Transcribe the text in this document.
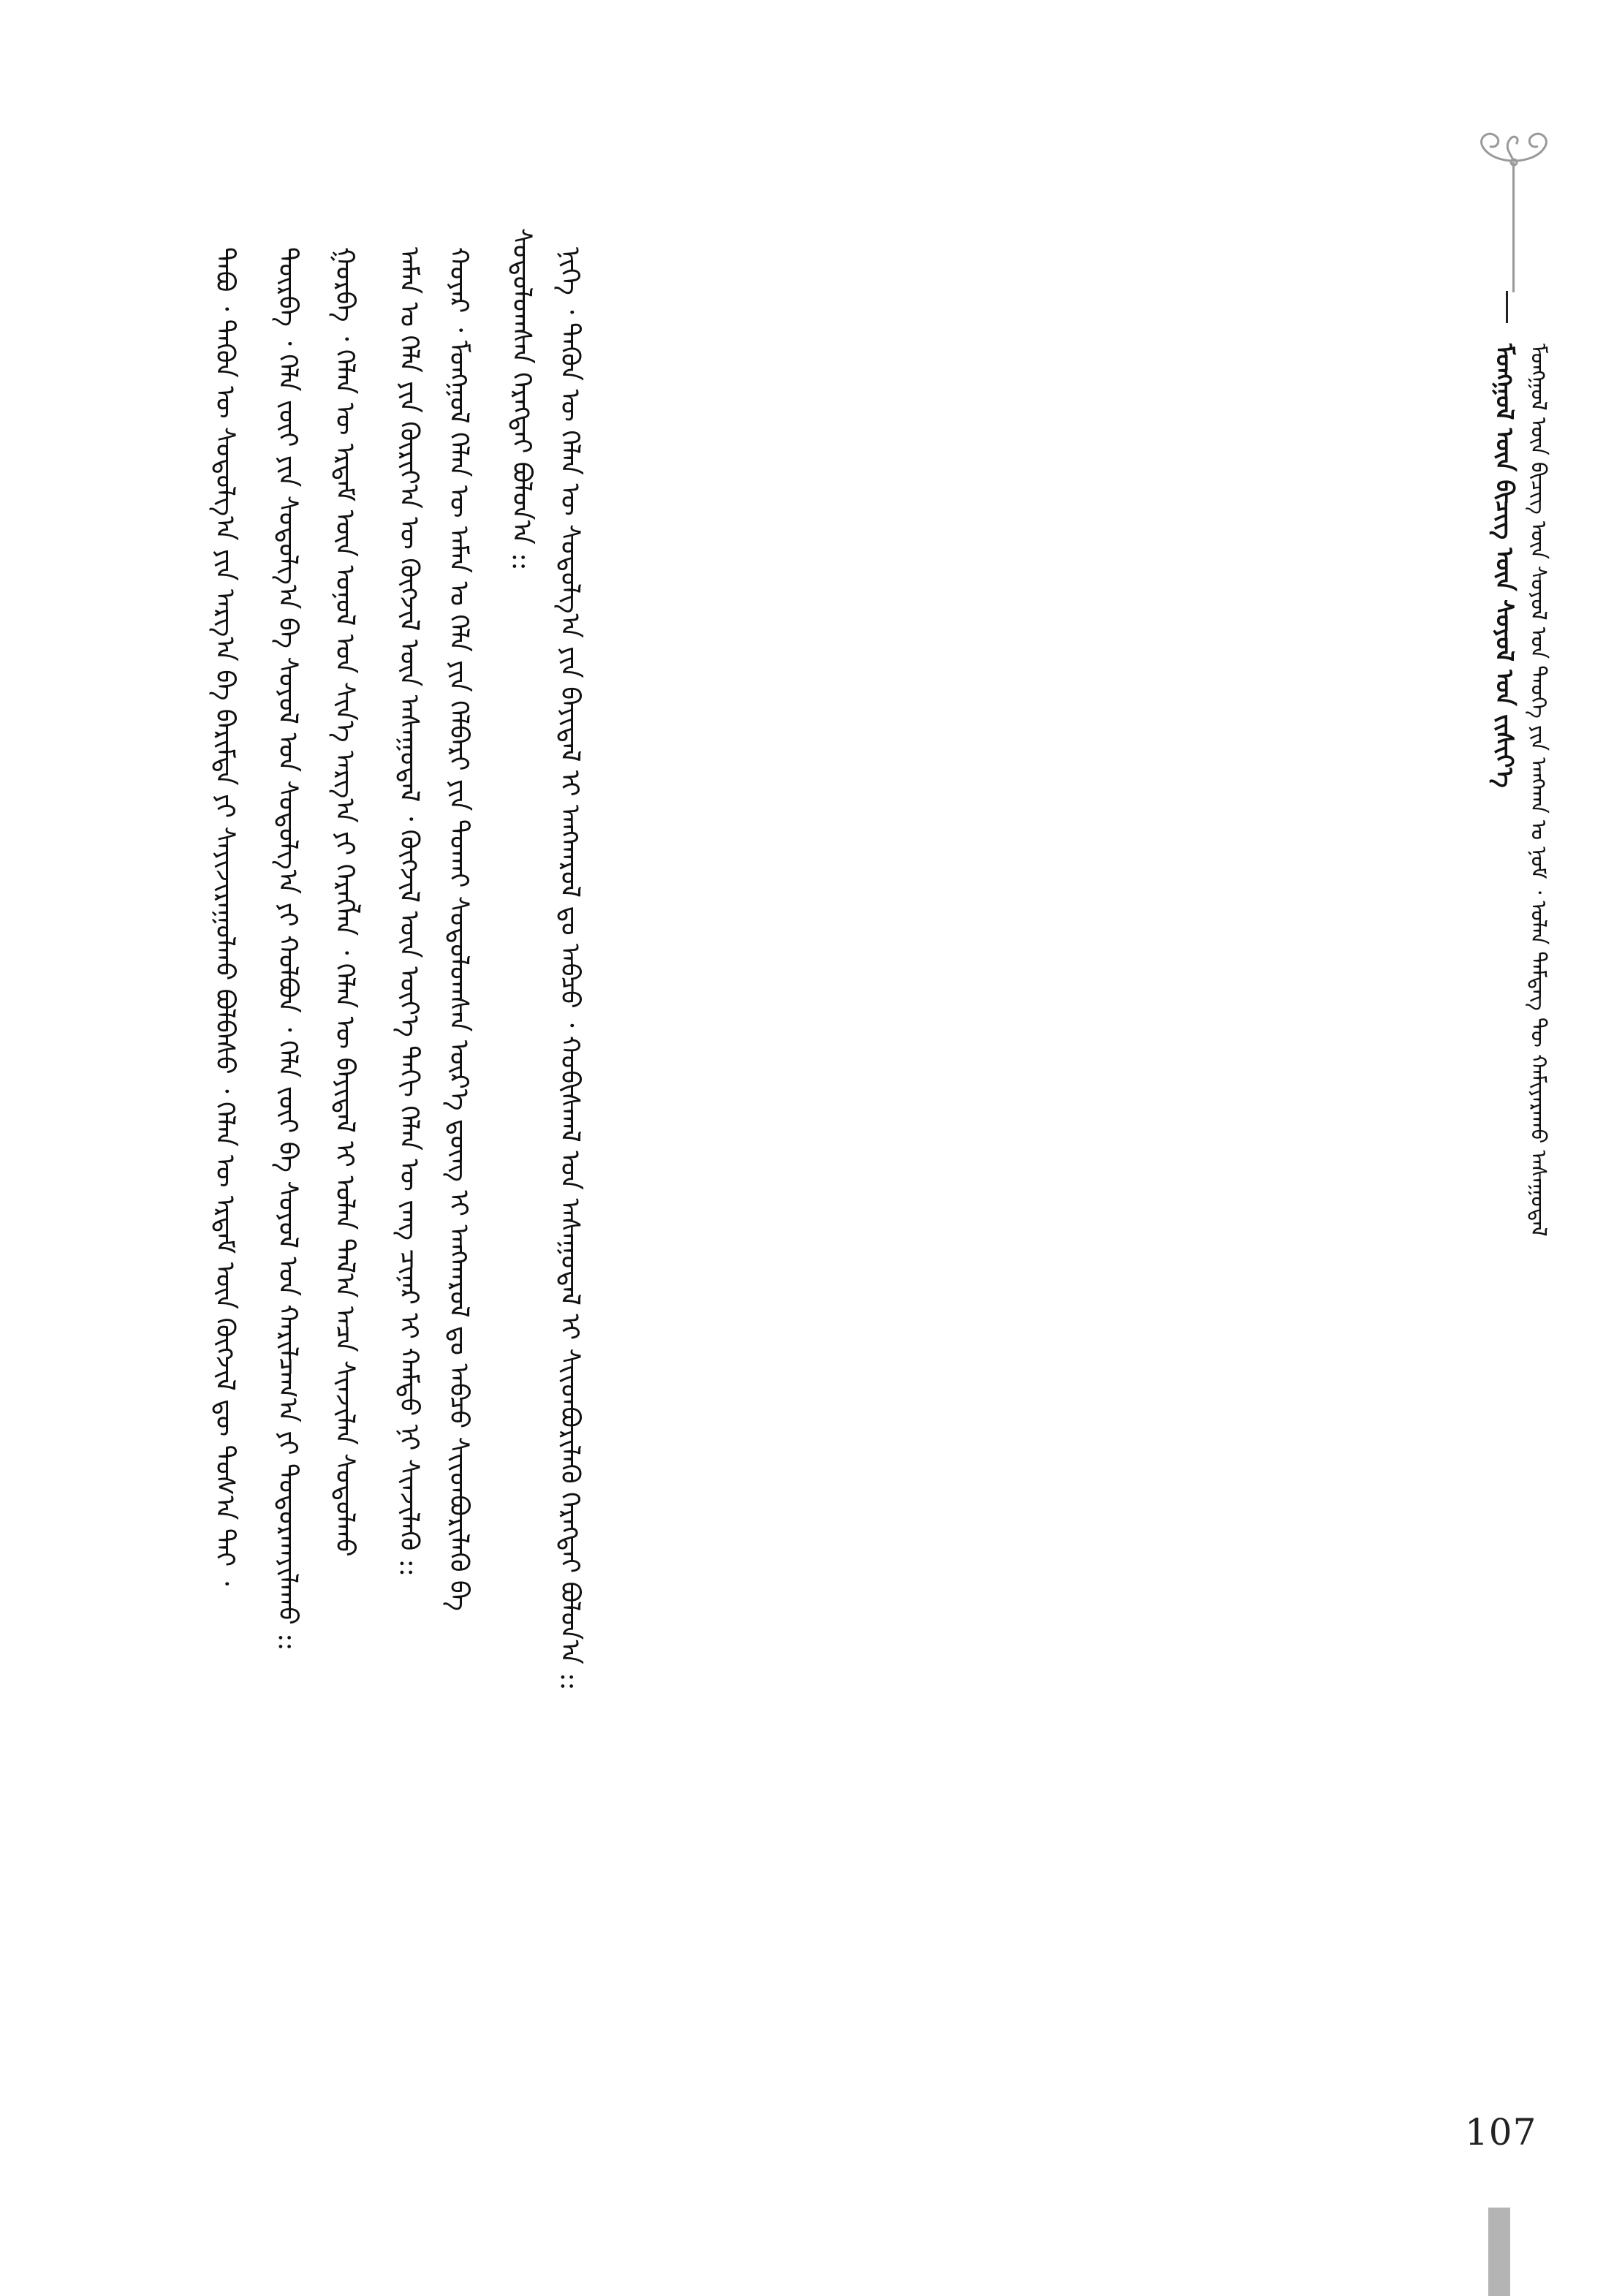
ᠮᠣᠩᠭᠣᠯ ᠦᠨ ᠪᠢᠴᠢᠭ᠌ ᠦᠨ ᠰᠣᠶᠣᠯ ᠤᠨ ᠵᠢᠰᠢᠶ᠎ᠡ ᠮᠣᠩᠭᠣᠯ ᠦᠨ ᠪᠢᠴᠢᠭ᠌ ᠦᠨ ᠰᠣᠶᠣᠯ ᠤᠨ ᠲᠡᠦᠬᠡ ᠶᠢᠨ ᠠᠩᠬᠠᠨ ᠤ ᠨᠣᠮ ᠂ ᠣᠯᠠᠨ ᠲᠡᠮᠳᠡᠭ ᠲᠦ ᠬᠠᠮᠢᠶᠠᠷᠠᠬᠤ ᠠᠰᠠᠭᠤᠳᠠᠯ
ᠨᠢᠭᠡ ᠂ ᠲᠡᠭᠦᠨ ᠦ ᠬᠡᠯᠡᠨ ᠦ ᠰᠤᠳᠤᠯᠭ᠎ᠠ ᠶᠢᠨ ᠪᠠᠶᠢᠳᠠᠯ ᠢ ᠠᠩᠬᠠᠷᠤᠯ ᠳᠤ ᠠᠪᠴᠤ ᠂ ᠬᠤᠪᠢᠰᠬᠠᠯ ᠤᠨ ᠠᠰᠠᠭᠤᠳᠠᠯ ᠢ ᠰᠢᠢᠳᠪᠦᠷᠢᠯᠡᠬᠦ ᠬᠡᠷᠡᠭᠲᠡᠢ ᠪᠣᠯᠤᠨ᠎ᠠ ::
ᠰᠤᠳᠤᠯᠤᠭᠰᠠᠨ ᠬᠡᠷᠡᠭᠲᠡᠢ ᠪᠣᠯᠤᠨ᠎ᠠ ::
ᠬᠣᠶᠠᠷ ᠂ ᠮᠣᠩᠭᠣᠯ ᠬᠡᠯᠡᠨ ᠦ ᠠᠮᠠᠨ ᠤ ᠬᠡᠯᠡ ᠶᠢᠨ ᠬᠡᠯᠪᠡᠷᠢ ᠶᠢᠨ ᠲᠤᠬᠠᠢ ᠰᠤᠳᠤᠯᠤᠭᠰᠠᠨ ᠦᠷ᠎ᠡ ᠳ᠋ᠦᠩ ᠢ ᠠᠩᠬᠠᠷᠤᠯ ᠳᠤ ᠠᠪᠴᠤ ᠰᠢᠢᠳᠪᠦᠷᠢᠯᠡᠬᠦ ᠪᠠ
ᠠᠮᠠᠨ ᠤ ᠬᠡᠯᠡ ᠶᠢᠨ ᠬᠦᠷᠢᠶ᠎ᠡᠨ ᠦ ᠬᠦᠭᠵᠢᠯ ᠦᠨ ᠠᠰᠠᠭᠤᠳᠠᠯ ᠂ ᠬᠦᠭᠵᠢᠯ ᠦᠨ ᠦᠶ᠎ᠡ ᠳᠠᠬᠢ ᠬᠡᠯᠡᠨ ᠦ ᠵᠠᠩ ᠴᠢᠨᠠᠷ ᠢ ᠬᠠᠮᠲᠤ ᠨᠢ ᠰᠢᠨᠵᠢᠯᠡᠬᠦ ::
ᠭᠤᠷᠪᠠ ᠂ ᠬᠡᠯᠡᠨ ᠦ ᠡᠷᠳᠡᠮ ᠦᠨ ᠣᠨᠣᠯ ᠤᠨ ᠰᠢᠨ᠎ᠡ ᠠᠷᠭ᠎ᠠ ᠶᠢ ᠬᠡᠷᠡᠭᠯᠡᠨ ᠂ ᠬᠡᠯᠡᠨ ᠦ ᠪᠠᠶᠢᠳᠠᠯ ᠢ ᠣᠯᠠᠨ ᠲᠠᠯ᠎ᠠ ᠠᠴᠠ ᠰᠢᠨᠵᠢᠯᠡᠨ ᠰᠤᠳᠤᠯᠬᠤ
ᠳᠥᠷᠪᠡ ᠂ ᠬᠡᠯᠡ ᠵᠦᠢ ᠶᠢᠨ ᠰᠤᠳᠤᠯᠭ᠎ᠠ ᠪᠠ ᠰᠣᠶᠣᠯ ᠤᠨ ᠰᠤᠳᠤᠯᠭ᠎ᠠ ᠶᠢ ᠬᠣᠯᠪᠣᠨ ᠂ ᠬᠡᠯᠡ ᠵᠦᠢ ᠪᠠ ᠰᠣᠶᠣᠯ ᠤᠨ ᠬᠠᠷᠢᠯᠴᠠᠭ᠎ᠠ ᠶᠢ ᠲᠣᠳᠤᠷᠬᠠᠶᠢᠯᠠᠬᠤ ::
ᠲᠠᠪᠤ ᠂ ᠲᠡᠭᠦᠨ ᠦ ᠰᠤᠳᠤᠯᠭ᠎ᠠ ᠶᠢᠨ ᠠᠷᠭ᠎ᠠ ᠪᠠ ᠪᠠᠷᠢᠮᠲᠠ ᠶᠢ ᠰᠠᠶᠢᠵᠢᠷᠠᠭᠤᠯᠬᠤ ᠪᠣᠯᠪᠠᠰᠤ ᠂ ᠬᠡᠯᠡᠨ ᠦ ᠡᠷᠳᠡᠮ ᠦᠨ ᠬᠥᠭᠵᠢᠯ ᠳᠦ ᠲᠤᠰ᠎ᠠ ᠲᠠᠢ ᠂
107
